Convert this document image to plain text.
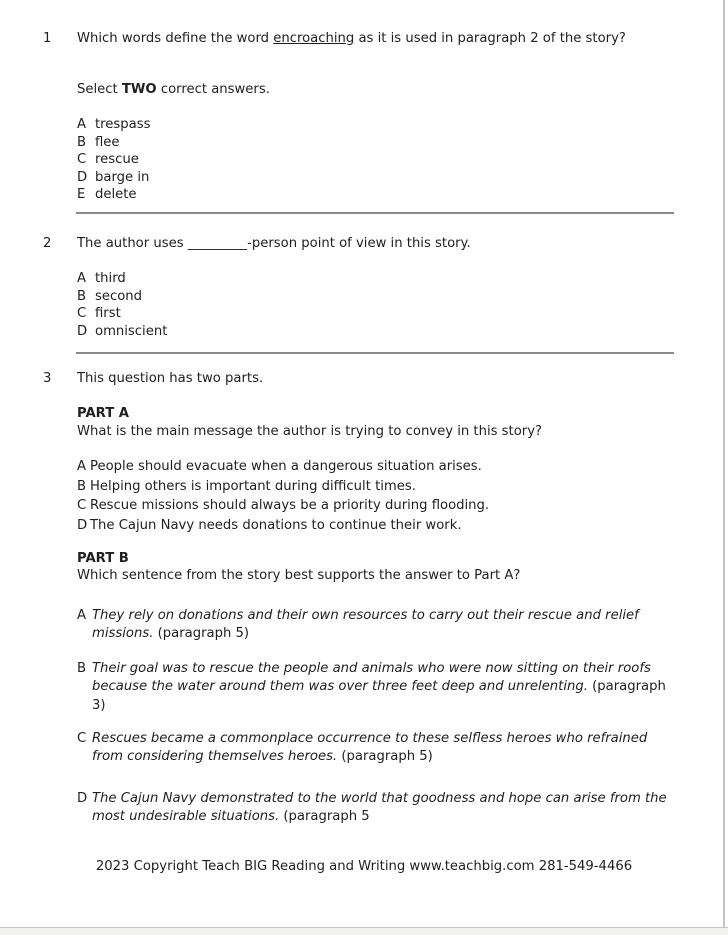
1	Which words define the word encroaching as it is used in paragraph 2 of the story?
Select TWO correct answers.
A trespass
B flee
C rescue
D barge in
E delete
2	The author uses _________-person point of view in this story.
A third
B second
C first
D omniscient
3	This question has two parts.
PART A
What is the main message the author is trying to convey in this story?
A People should evacuate when a dangerous situation arises.
B Helping others is important during difficult times.
C Rescue missions should always be a priority during flooding.
D The Cajun Navy needs donations to continue their work.
PART B
Which sentence from the story best supports the answer to Part A?
A They rely on donations and their own resources to carry out their rescue and relief missions. (paragraph 5)
B Their goal was to rescue the people and animals who were now sitting on their roofs because the water around them was over three feet deep and unrelenting. (paragraph 3)
C Rescues became a commonplace occurrence to these selfless heroes who refrained from considering themselves heroes. (paragraph 5)
D The Cajun Navy demonstrated to the world that goodness and hope can arise from the most undesirable situations. (paragraph 5
2023 Copyright Teach BIG Reading and Writing www.teachbig.com 281-549-4466
